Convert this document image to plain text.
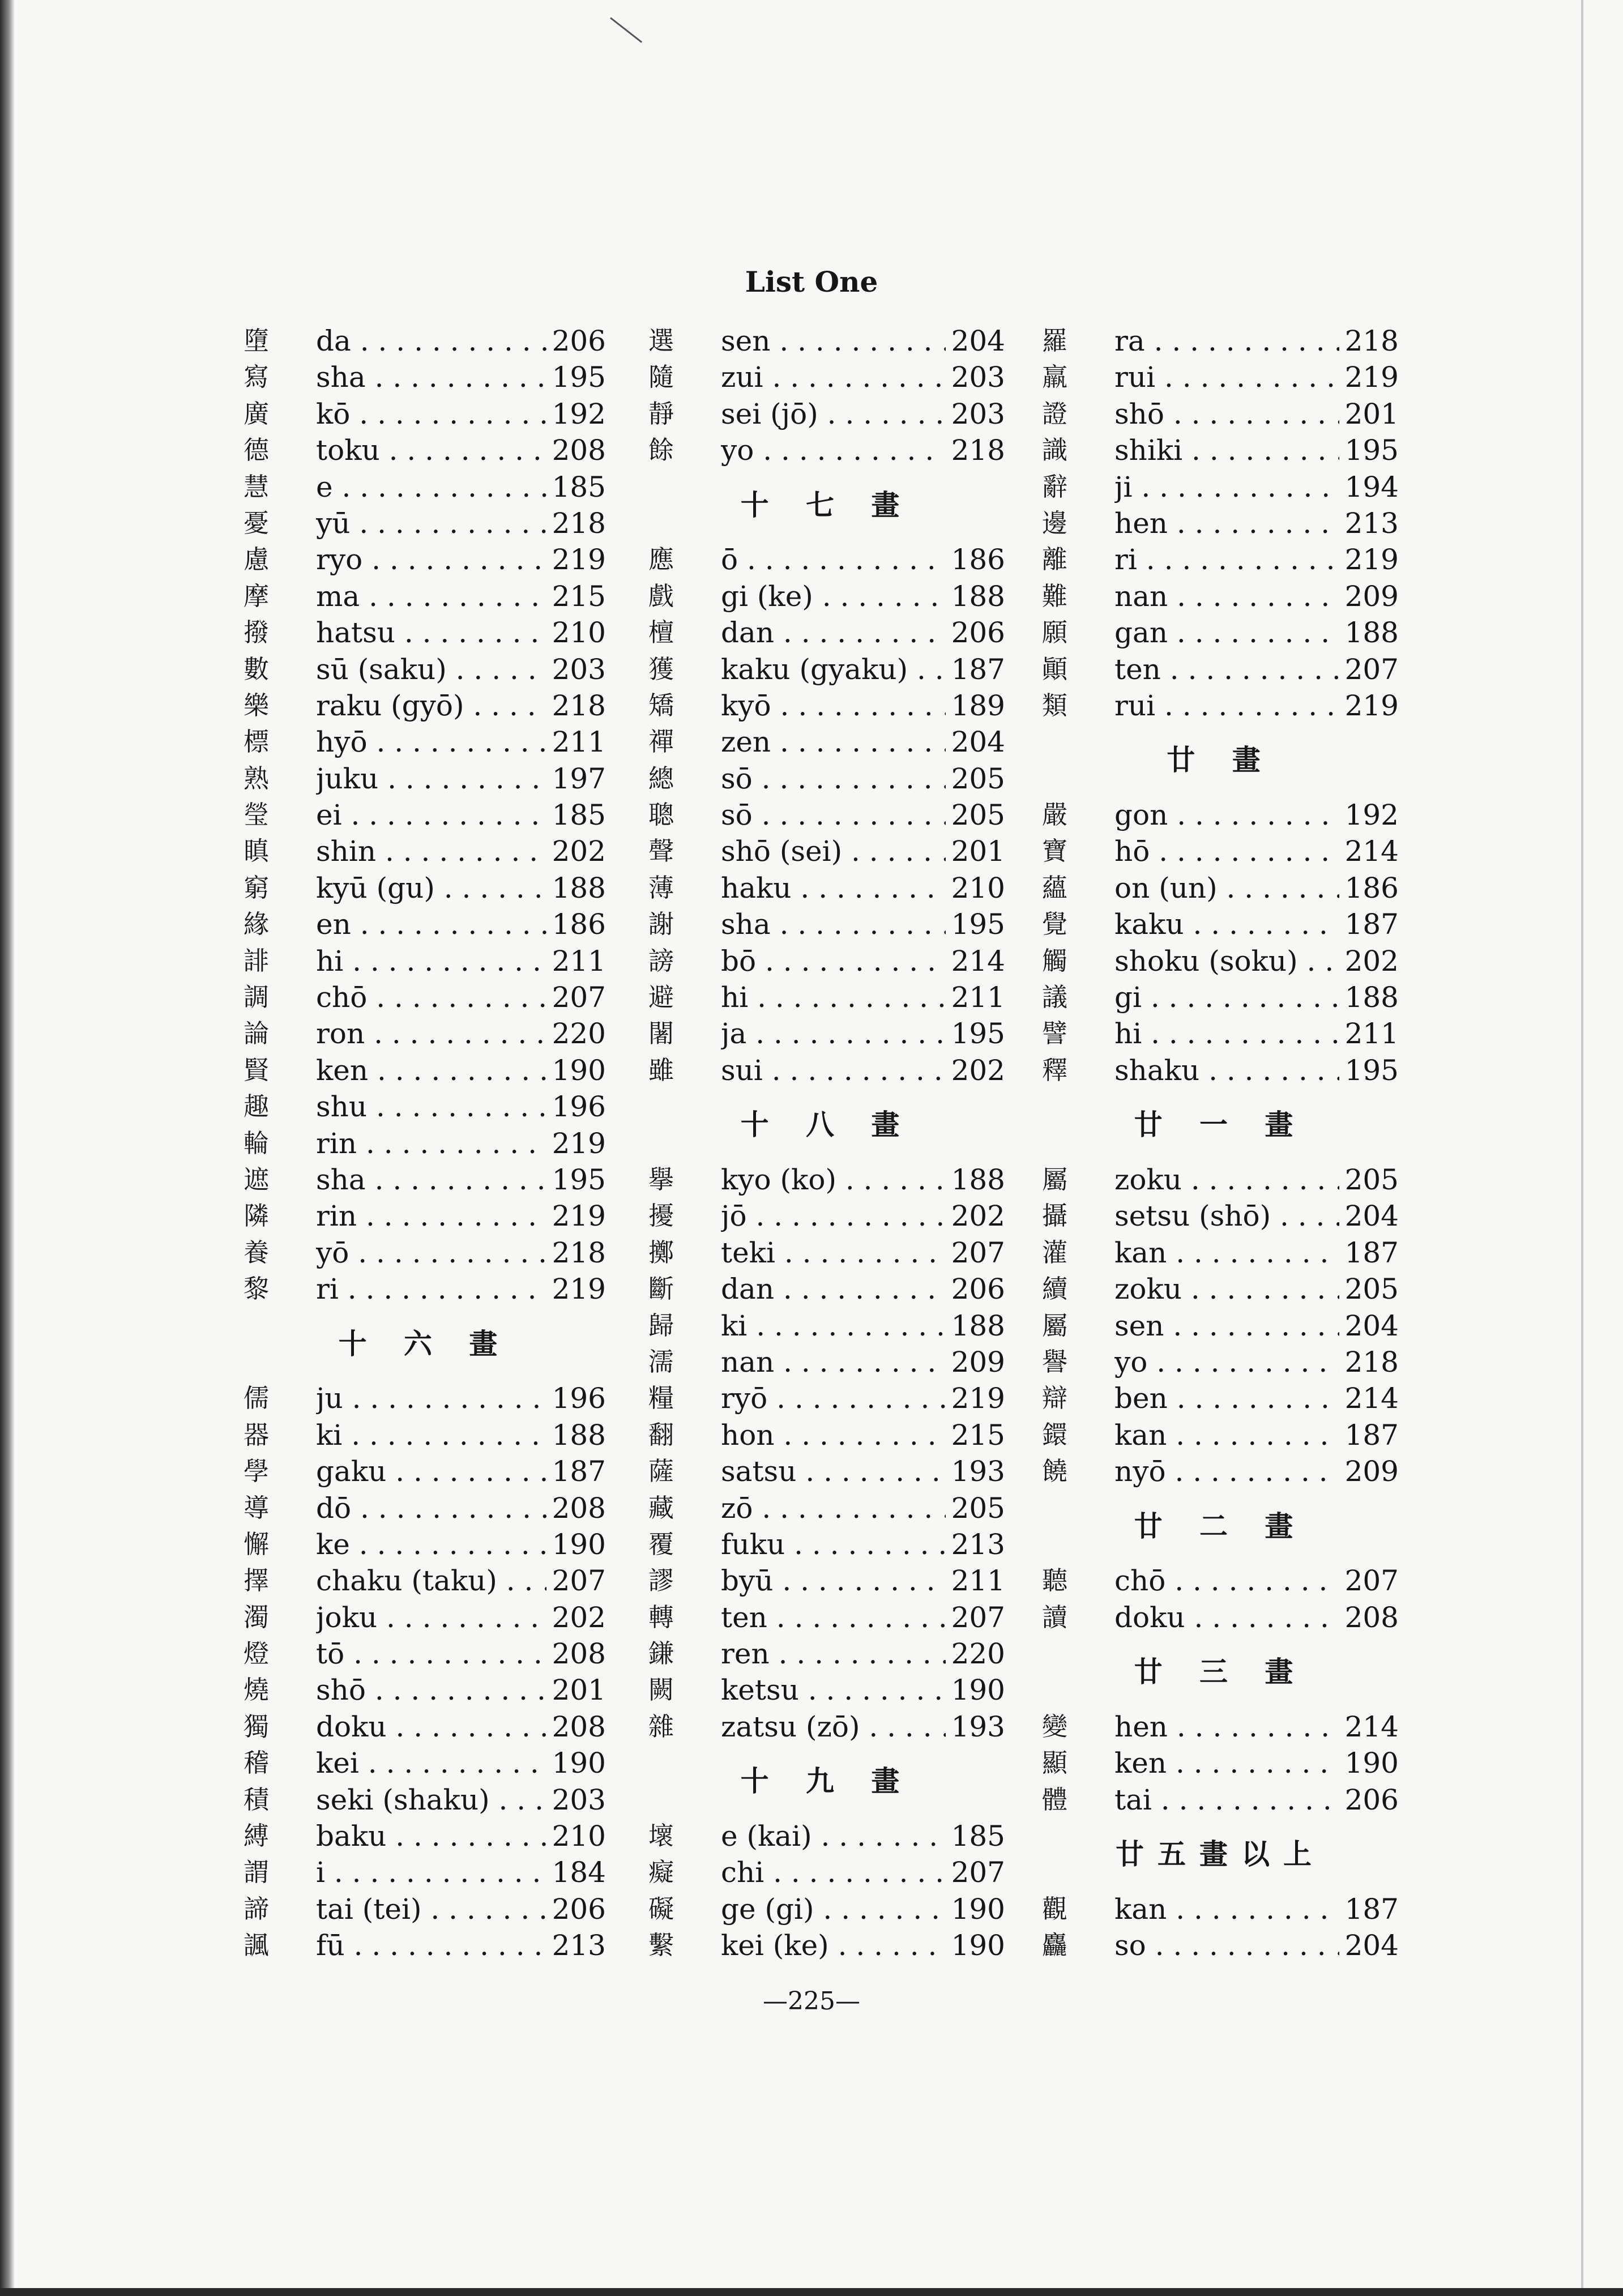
List One
墮 da . . .	206
寫 sha . . .	195
廣 kō . . .	192
德 toku . . .	208
慧 e . . .	185
憂 yū . . .	218
慮 ryo . . .	219
摩 ma . . .	215
撥 hatsu . . .	210
數 sū (saku) . . .	203
樂 raku (gyō) . . .	218
標 hyō . . .	211
熟 juku . . .	197
瑩 ei . . .	185
瞋 shin . . .	202
窮 kyū (gu) . . .	188
緣 en . . .	186
誹 hi . . .	211
調 chō . . .	207
論 ron . . .	220
賢 ken . . .	190
趣 shu . . .	196
輪 rin . . .	219
遮 sha . . .	195
隣 rin . . .	219
養 yō . . .	218
黎 ri . . .	219
十 六 畫
儒 ju . . .	196
器 ki . . .	188
學 gaku . . .	187
導 dō . . .	208
懈 ke . . .	190
擇 chaku (taku) . . .	207
濁 joku . . .	202
燈 tō . . .	208
燒 shō . . .	201
獨 doku . . .	208
稽 kei . . .	190
積 seki (shaku) . . .	203
縛 baku . . .	210
謂 i . . .	184
諦 tai (tei) . . .	206
諷 fū . . .	213
選 sen . . .	204
隨 zui . . .	203
靜 sei (jō) . . .	203
餘 yo . . .	218
十 七 畫
應 ō . . .	186
戲 gi (ke) . . .	188
檀 dan . . .	206
獲 kaku (gyaku) . . .	187
矯 kyō . . .	189
禪 zen . . .	204
總 sō . . .	205
聰 sō . . .	205
聲 shō (sei) . . .	201
薄 haku . . .	210
謝 sha . . .	195
謗 bō . . .	214
避 hi . . .	211
闍 ja . . .	195
雖 sui . . .	202
十 八 畫
擧 kyo (ko) . . .	188
擾 jō . . .	202
擲 teki . . .	207
斷 dan . . .	206
歸 ki . . .	188
濡 nan . . .	209
糧 ryō . . .	219
翻 hon . . .	215
薩 satsu . . .	193
藏 zō . . .	205
覆 fuku . . .	213
謬 byū . . .	211
轉 ten . . .	207
鎌 ren . . .	220
闕 ketsu . . .	190
雜 zatsu (zō) . . .	193
十 九 畫
壞 e (kai) . . .	185
癡 chi . . .	207
礙 ge (gi) . . .	190
繫 kei (ke) . . .	190
羅 ra . . .	218
羸 rui . . .	219
證 shō . . .	201
識 shiki . . .	195
辭 ji . . .	194
邊 hen . . .	213
離 ri . . .	219
難 nan . . .	209
願 gan . . .	188
顚 ten . . .	207
類 rui . . .	219
廿 畫
嚴 gon . . .	192
寶 hō . . .	214
蘊 on (un) . . .	186
覺 kaku . . .	187
觸 shoku (soku) . . .	202
議 gi . . .	188
譬 hi . . .	211
釋 shaku . . .	195
廿 一 畫
屬 zoku . . .	205
攝 setsu (shō) . . .	204
灌 kan . . .	187
續 zoku . . .	205
屬 sen . . .	204
譽 yo . . .	218
辯 ben . . .	214
鐶 kan . . .	187
饒 nyō . . .	209
廿 二 畫
聽 chō . . .	207
讀 doku . . .	208
廿 三 畫
變 hen . . .	214
顯 ken . . .	190
體 tai . . .	206
廿五畫以上
觀 kan . . .	187
麤 so . . .	204
—225—
